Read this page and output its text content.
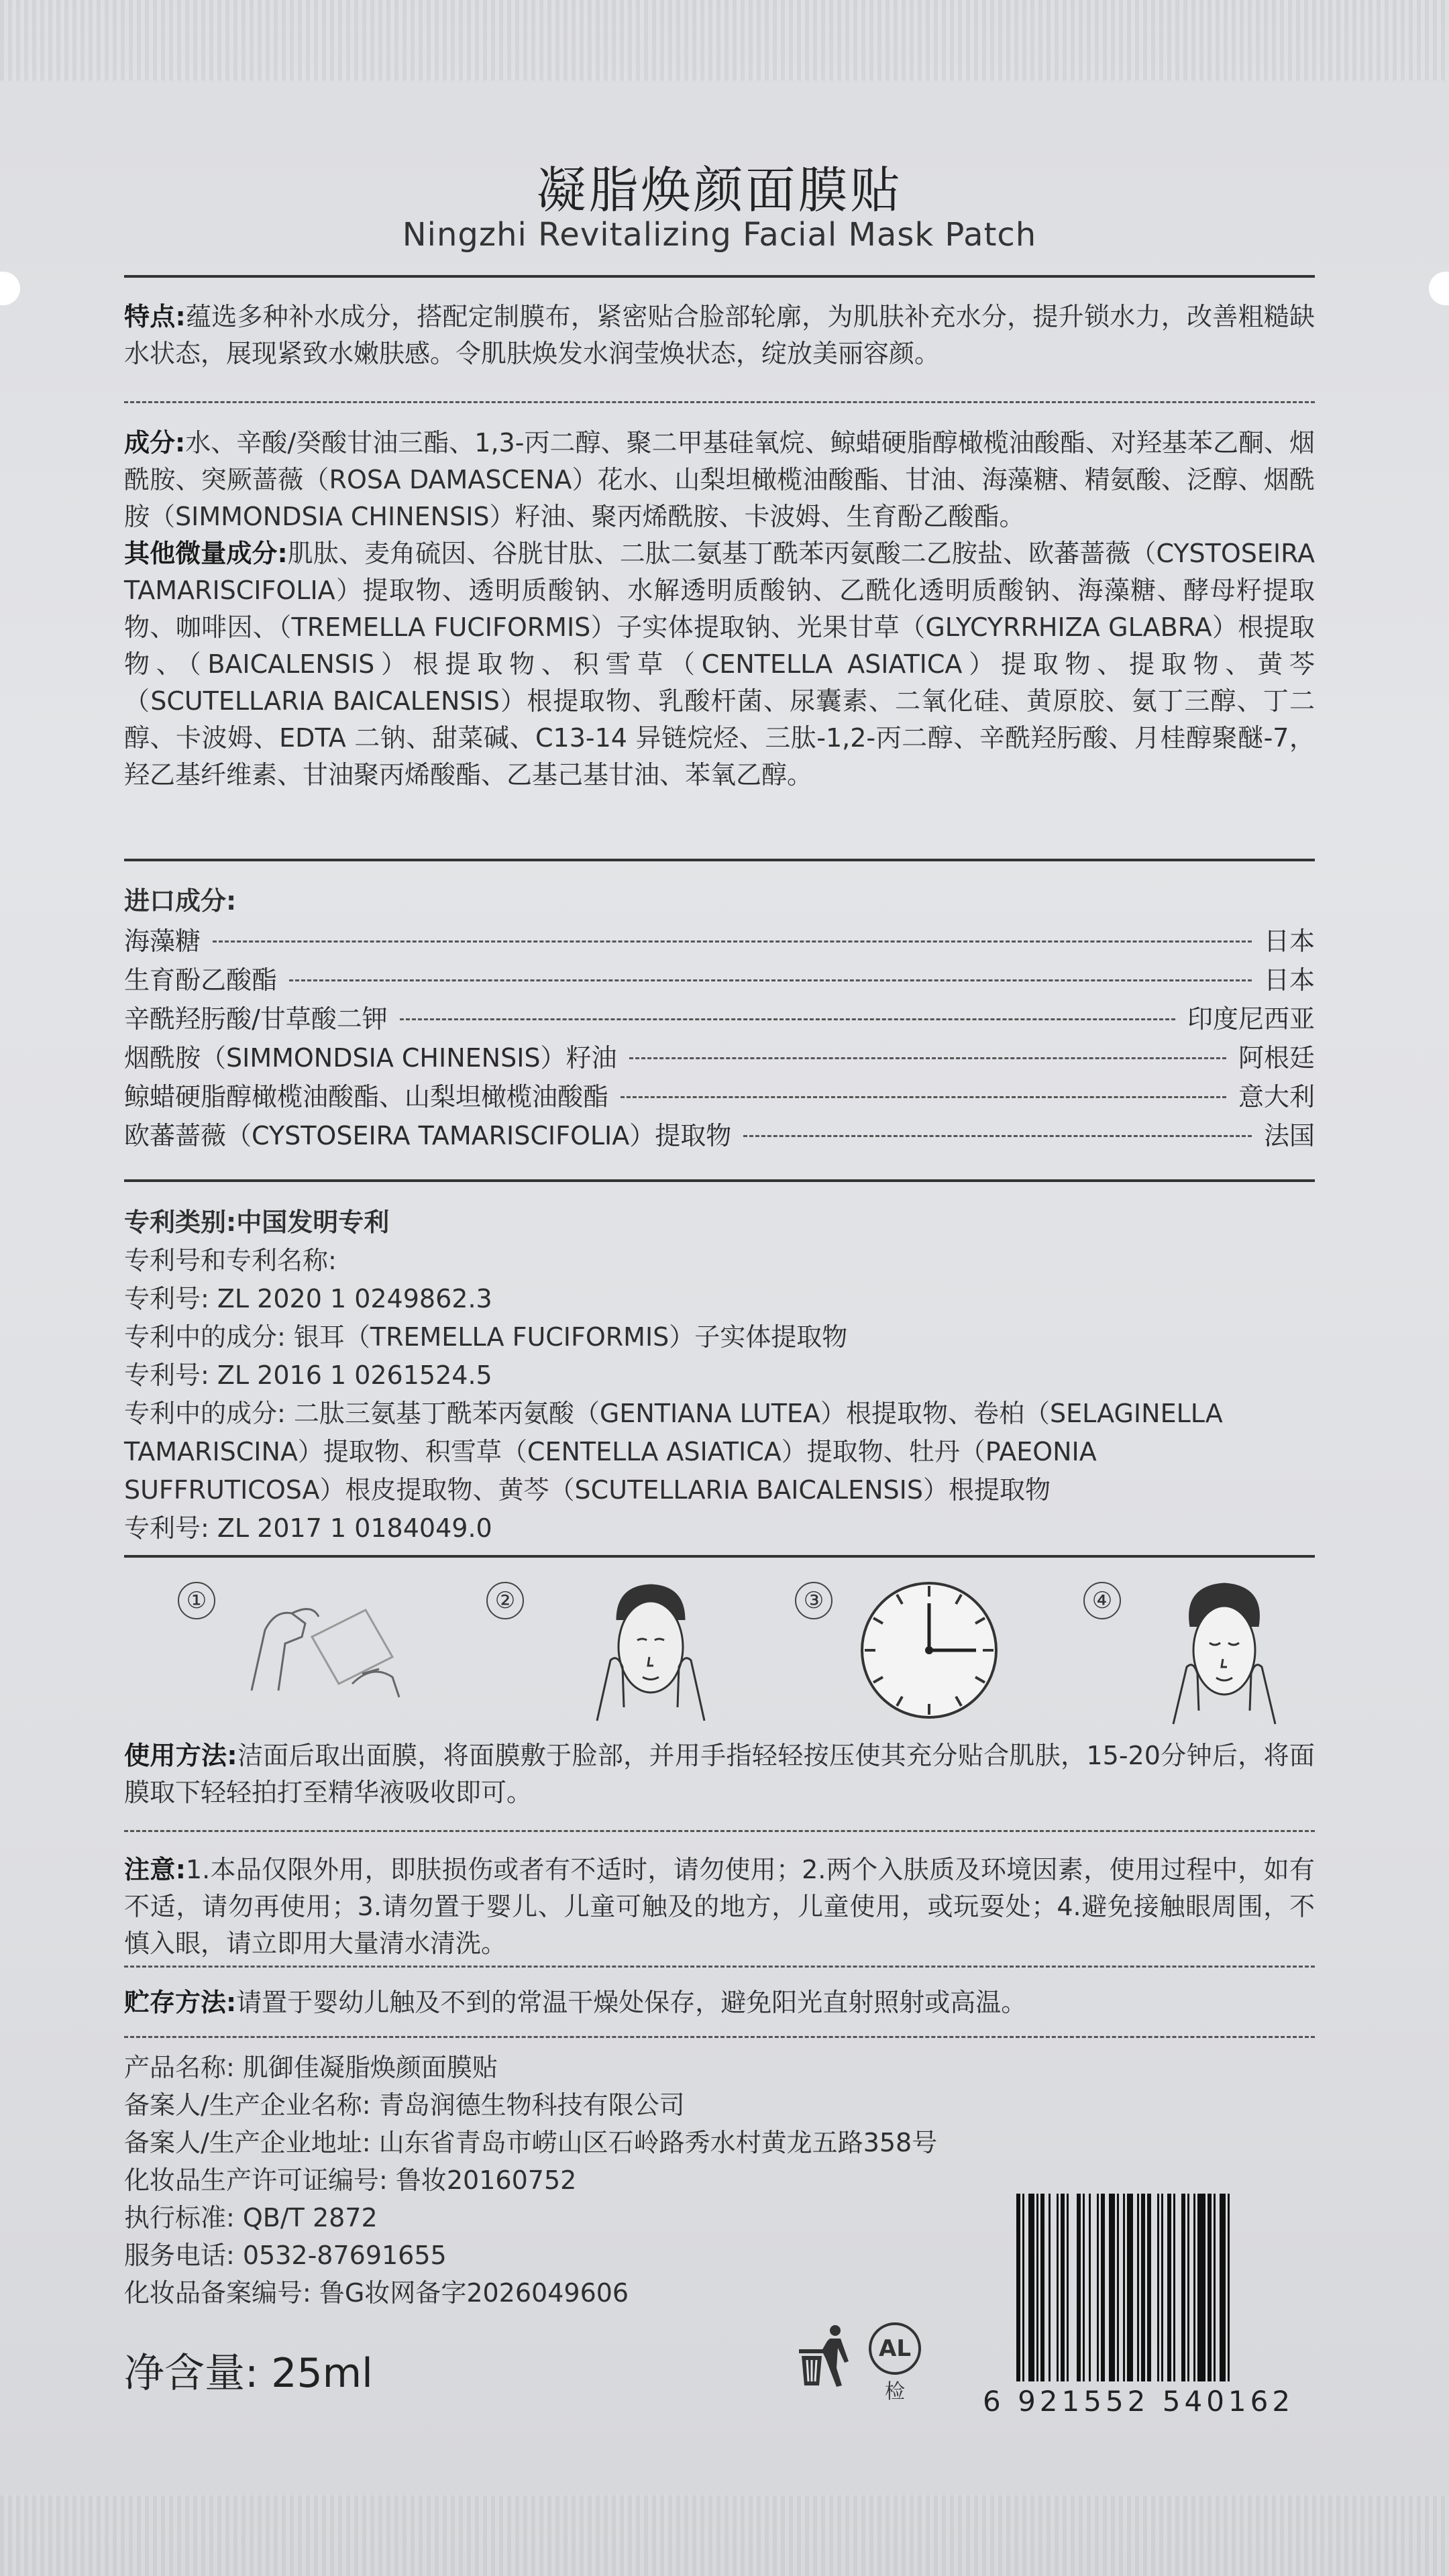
凝脂焕颜面膜贴
Ningzhi Revitalizing Facial Mask Patch
特点:蕴选多种补水成分，搭配定制膜布，紧密贴合脸部轮廓，为肌肤补充水分，提升锁水力，改善粗糙缺水状态，展现紧致水嫩肤感。令肌肤焕发水润莹焕状态，绽放美丽容颜。
成分:水、辛酸/癸酸甘油三酯、1,3-丙二醇、聚二甲基硅氧烷、鲸蜡硬脂醇橄榄油酸酯、对羟基苯乙酮、烟酰胺、突厥蔷薇（ROSA DAMASCENA）花水、山梨坦橄榄油酸酯、甘油、海藻糖、精氨酸、泛醇、烟酰胺（SIMMONDSIA CHINENSIS）籽油、聚丙烯酰胺、卡波姆、生育酚乙酸酯。
其他微量成分:肌肽、麦角硫因、谷胱甘肽、二肽二氨基丁酰苯丙氨酸二乙胺盐、欧蕃蔷薇（CYSTOSEIRA TAMARISCIFOLIA）提取物、透明质酸钠、水解透明质酸钠、乙酰化透明质酸钠、海藻糖、酵母籽提取物、咖啡因、（TREMELLA FUCIFORMIS）子实体提取钠、光果甘草（GLYCYRRHIZA GLABRA）根提取物、（BAICALENSIS）根提取物、积雪草（CENTELLA ASIATICA）提取物、提取物、黄芩（SCUTELLARIA BAICALENSIS）根提取物、乳酸杆菌、尿囊素、二氧化硅、黄原胶、氨丁三醇、丁二醇、卡波姆、EDTA 二钠、甜菜碱、C13-14 异链烷烃、三肽-1,2-丙二醇、辛酰羟肟酸、月桂醇聚醚-7，羟乙基纤维素、甘油聚丙烯酸酯、乙基己基甘油、苯氧乙醇。
进口成分:
海藻糖	日本
生育酚乙酸酯	日本
辛酰羟肟酸/甘草酸二钾	印度尼西亚
烟酰胺（SIMMONDSIA CHINENSIS）籽油	阿根廷
鲸蜡硬脂醇橄榄油酸酯、山梨坦橄榄油酸酯	意大利
欧蕃蔷薇（CYSTOSEIRA TAMARISCIFOLIA）提取物	法国
专利类别:中国发明专利
专利号和专利名称:
专利号: ZL 2020 1 0249862.3
专利中的成分: 银耳（TREMELLA FUCIFORMIS）子实体提取物
专利号: ZL 2016 1 0261524.5
专利中的成分: 二肽三氨基丁酰苯丙氨酸（GENTIANA LUTEA）根提取物、卷柏（SELAGINELLA
TAMARISCINA）提取物、积雪草（CENTELLA ASIATICA）提取物、牡丹（PAEONIA
SUFFRUTICOSA）根皮提取物、黄芩（SCUTELLARIA BAICALENSIS）根提取物
专利号: ZL 2017 1 0184049.0
①	②	③	④
使用方法:洁面后取出面膜，将面膜敷于脸部，并用手指轻轻按压使其充分贴合肌肤，15-20分钟后，将面膜取下轻轻拍打至精华液吸收即可。
注意:1.本品仅限外用，即肤损伤或者有不适时，请勿使用；2.两个入肤质及环境因素，使用过程中，如有不适，请勿再使用；3.请勿置于婴儿、儿童可触及的地方，儿童使用，或玩耍处；4.避免接触眼周围，不慎入眼，请立即用大量清水清洗。
贮存方法:请置于婴幼儿触及不到的常温干燥处保存，避免阳光直射照射或高温。
产品名称: 肌御佳凝脂焕颜面膜贴
备案人/生产企业名称: 青岛润德生物科技有限公司
备案人/生产企业地址: 山东省青岛市崂山区石岭路秀水村黄龙五路358号
化妆品生产许可证编号: 鲁妆20160752
执行标准: QB/T 2872
服务电话: 0532-87691655
化妆品备案编号: 鲁G妆网备字2026049606
净含量: 25ml
AL
检	6 921552 540162
